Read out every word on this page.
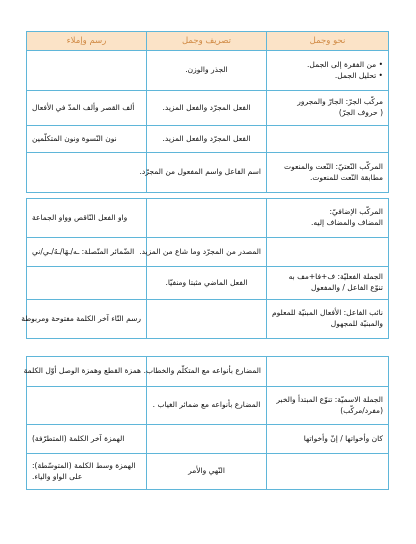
نحو وجمل	تصريف وجمل	رسم وإملاء

• من الفقرة إلى الجمل.
• تحليل الجمل.	الجذر والوزن.	

مركّب الجرّ: الجارّ والمجرور
( حروف الجرّ)	الفعل المجرّد والفعل المزيد.	ألف القصر وألف المدّ في الأفعال

	الفعل المجرّد والفعل المزيد.	نون النّسوة ونون المتكلّمين

المركّب النّعتيّ: النّعت والمنعوت
مطابقة النّعت للمنعوت.	اسم الفاعل واسم المفعول من المجرّد.	

المركّب الإضافيّ:
المضاف والمضاف إليه.		واو الفعل النّاقص وواو الجماعة

	المصدر من المجرّد وما شاع من المزيد.	الضّمائر المتّصلة: ـه/ـهَا/ـهُ/ـي/ني

الجملة الفعليّة: ف+فا+مف به
تنوّع الفاعل / والمفعول	الفعل الماضي مثبتا ومنفيّا.	

نائب الفاعل: الأفعال المبنيّة للمعلوم
والمبنيّة للمجهول		رسم التّاء آخر الكلمة مفتوحة ومربوطة

	المضارع بأنواعه مع المتكلّم والخطاب.	همزة القطع وهمزة الوصل أوّل الكلمة

الجملة الاسميّة: تنوّع المبتدأ والخبر
(مفرد/مركّب)	المضارع بأنواعه مع ضمائر الغياب .	

كان وأخواتها / إنّ وأخواتها		الهمزة آخر الكلمة (المتطرّفة)

	النّهي والأمر	الهمزة وسط الكلمة (المتوسّطة):
على الواو والياء.
